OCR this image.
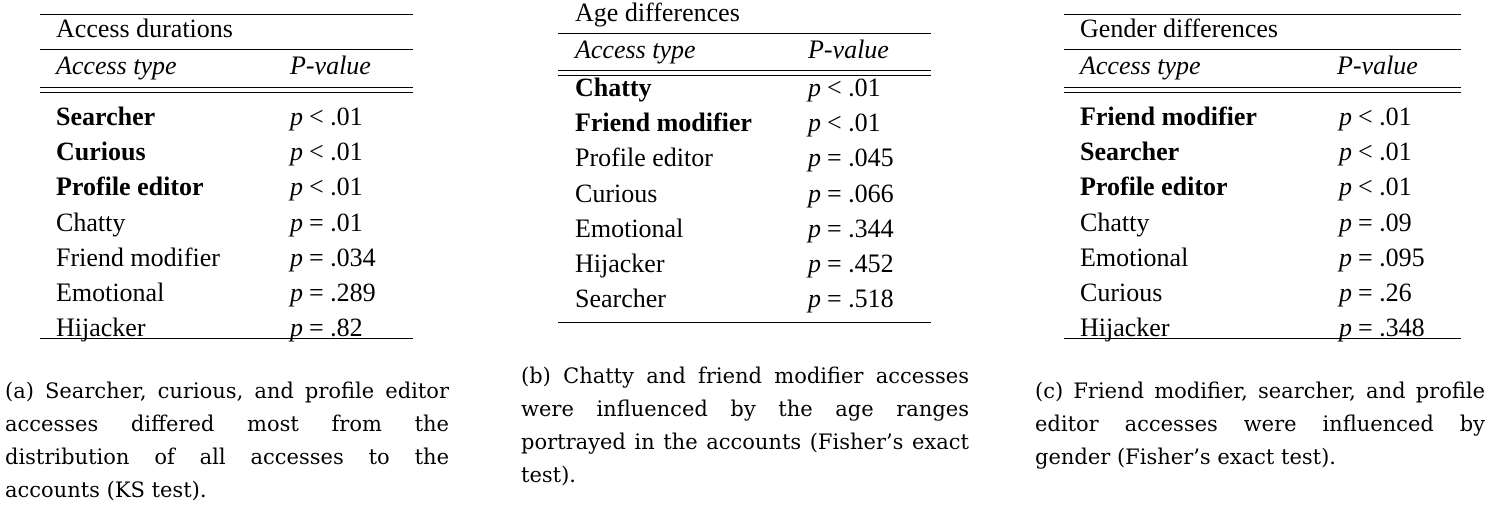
Access durations
Access type	P-value
Searcher	p < .01
Curious	p < .01
Profile editor	p < .01
Chatty	p = .01
Friend modifier	p = .034
Emotional	p = .289
Hijacker	p = .82
(a) Searcher, curious, and profile editor accesses differed most from the distribution of all accesses to the accounts (KS test).
Age differences
Access type	P-value
Chatty	p < .01
Friend modifier p < .01
Profile editor	p = .045
Curious	p = .066
Emotional	p = .344
Hijacker	p = .452
Searcher	p = .518
(b) Chatty and friend modifier accesses were influenced by the age ranges portrayed in the accounts (Fisher’s exact test).
Gender differences
Access type	P-value
Friend modifier	p < .01
Searcher	p < .01
Profile editor	p < .01
Chatty	p = .09
Emotional	p = .095
Curious	p = .26
Hijacker	p = .348
(c) Friend modifier, searcher, and profile editor accesses were influenced by gender (Fisher’s exact test).
